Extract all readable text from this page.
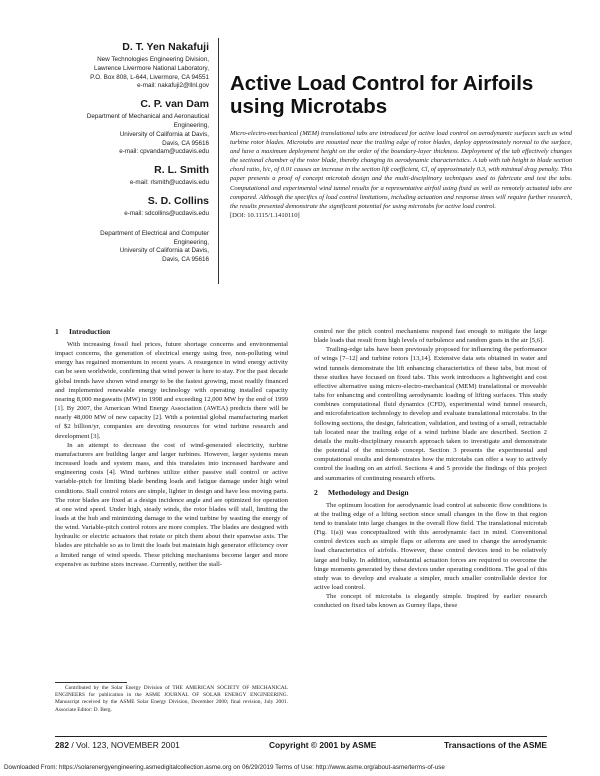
D. T. Yen Nakafuji
New Technologies Engineering Division,
Lawrence Livermore National Laboratory,
P.O. Box 808, L-644, Livermore, CA 94551
e-mail: nakafuji2@llnl.gov
C. P. van Dam
Department of Mechanical and Aeronautical
Engineering,
University of California at Davis,
Davis, CA 95616
e-mail: cpvandam@ucdavis.edu
R. L. Smith
e-mail: rlsmith@ucdavis.edu
S. D. Collins
e-mail: sdcollins@ucdavis.edu
Department of Electrical and Computer
Engineering,
University of California at Davis,
Davis, CA 95616
Active Load Control for Airfoils using Microtabs
Micro-electro-mechanical (MEM) translational tabs are introduced for active load control on aerodynamic surfaces such as wind turbine rotor blades. Microtabs are mounted near the trailing edge of rotor blades, deploy approximately normal to the surface, and have a maximum deployment height on the order of the boundary-layer thickness. Deployment of the tab effectively changes the sectional chamber of the rotor blade, thereby changing its aerodynamic characteristics. A tab with tab height to blade section chord ratio, h/c, of 0.01 causes an increase in the section lift coefficient, Cl, of approximately 0.3, with minimal drag penalty. This paper presents a proof of concept microtab design and the multi-disciplinary techniques used to fabricate and test the tabs. Computational and experimental wind tunnel results for a representative airfoil using fixed as well as remotely actuated tabs are compared. Although the specifics of load control limitations, including actuation and response times will require further research, the results presented demonstrate the significant potential for using microtabs for active load control.
[DOI: 10.1115/1.1410110]
1 Introduction

With increasing fossil fuel prices, future shortage concerns and environmental impact concerns, the generation of electrical energy using free, non-polluting wind energy has regained momentum in recent years. A resurgence in wind energy activity can be seen worldwide, confirming that wind power is here to stay. For the past decade global trends have shown wind energy to be the fastest growing, most readily financed and implemented renewable energy technology with operating installed capacity nearing 8,000 megawatts (MW) in 1998 and exceeding 12,000 MW by the end of 1999 [1]. By 2007, the American Wind Energy Association (AWEA) predicts there will be nearly 48,000 MW of new capacity [2]. With a potential global manufacturing market of $2 billion/yr, companies are devoting resources for wind turbine research and development [3].

In an attempt to decrease the cost of wind-generated electricity, turbine manufacturers are building larger and larger turbines. However, larger systems mean increased loads and system mass, and this translates into increased hardware and engineering costs [4]. Wind turbines utilize either passive stall control or active variable-pitch for limiting blade bending loads and fatigue damage under high wind conditions. Stall control rotors are simple, lighter in design and have less moving parts. The rotor blades are fixed at a design incidence angle and are optimized for operation at one wind speed. Under high, steady winds, the rotor blades will stall, limiting the loads at the hub and minimizing damage to the wind turbine by wasting the energy of the wind. Variable-pitch control rotors are more complex. The blades are designed with hydraulic or electric actuators that rotate or pitch them about their spanwise axis. The blades are pitchable so as to limit the loads but maintain high generator efficiency over a limited range of wind speeds. These pitching mechanisms become larger and more expensive as turbine sizes increase. Currently, neither the stall-

control nor the pitch control mechanisms respond fast enough to mitigate the large blade loads that result from high levels of turbulence and random gusts in the air [5,6].

Trailing-edge tabs have been previously proposed for influencing the performance of wings [7–12] and turbine rotors [13,14]. Extensive data sets obtained in water and wind tunnels demonstrate the lift enhancing characteristics of these tabs, but most of these studies have focused on fixed tabs. This work introduces a lightweight and cost effective alternative using micro-electro-mechanical (MEM) translational or moveable tabs for enhancing and controlling aerodynamic loading of lifting surfaces. This study combines computational fluid dynamics (CFD), experimental wind tunnel research, and microfabrication technology to develop and evaluate translational microtabs. In the following sections, the design, fabrication, validation, and testing of a small, retractable tab located near the trailing edge of a wind turbine blade are described. Section 2 details the multi-disciplinary research approach taken to investigate and demonstrate the potential of the microtab concept. Section 3 presents the experimental and computational results and demonstrates how the microtabs can offer a way to actively control the loading on an airfoil. Sections 4 and 5 provide the findings of this project and summaries of continuing research efforts.

2 Methodology and Design

The optimum location for aerodynamic load control at subsonic flow conditions is at the trailing edge of a lifting section since small changes in the flow in that region tend to translate into large changes in the overall flow field. The translational microtab (Fig. 1(a)) was conceptualized with this aerodynamic fact in mind. Conventional control devices such as simple flaps or ailerons are used to change the aerodynamic load characteristics of airfoils. However, these control devices tend to be relatively large and bulky. In addition, substantial actuation forces are required to overcome the hinge moments generated by these devices under operating conditions. The goal of this study was to develop and evaluate a simpler, much smaller controllable device for active load control.

The concept of microtabs is elegantly simple. Inspired by earlier research conducted on fixed tabs known as Gurney flaps, these

Contributed by the Solar Energy Division of THE AMERICAN SOCIETY OF MECHANICAL ENGINEERS for publication in the ASME JOURNAL OF SOLAR ENERGY ENGINEERING. Manuscript received by the ASME Solar Energy Division, December 2000; final revision, July 2001. Associate Editor: D. Berg.
282 / Vol. 123, NOVEMBER 2001	Copyright © 2001 by ASME	Transactions of the ASME
Downloaded From: https://solarenergyengineering.asmedigitalcollection.asme.org on 06/29/2019 Terms of Use: http://www.asme.org/about-asme/terms-of-use
